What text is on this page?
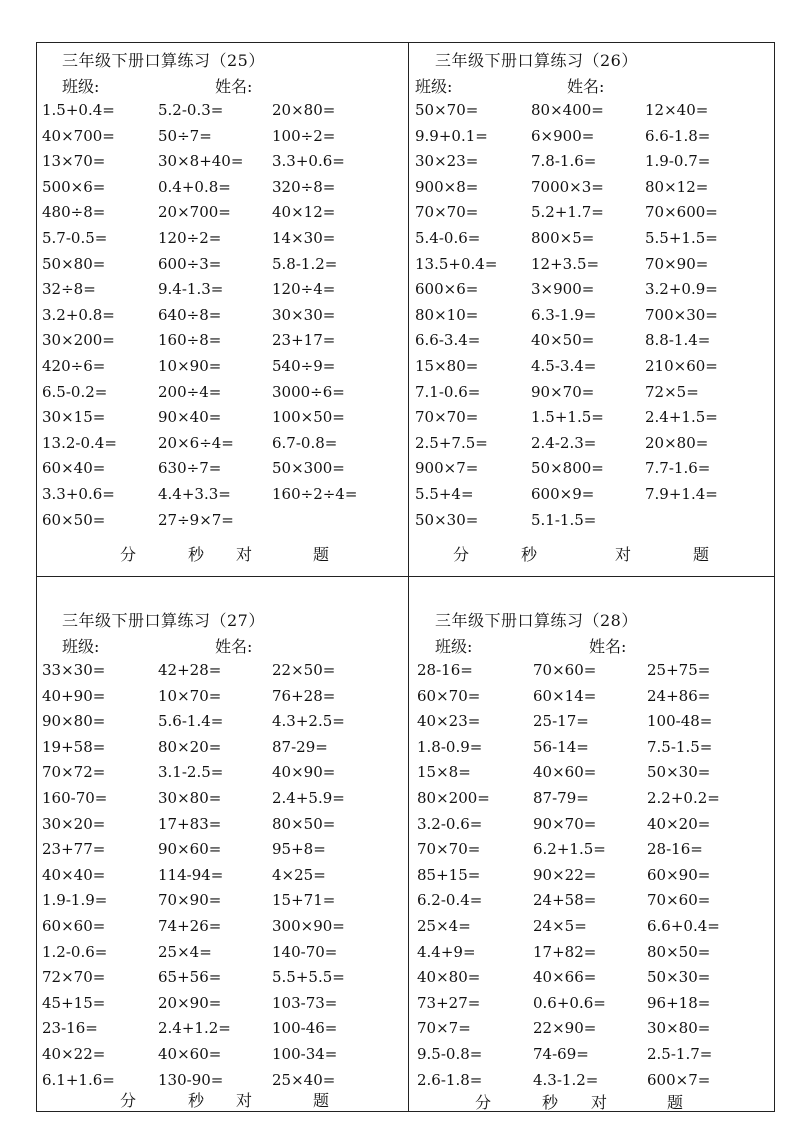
三年级下册口算练习（25）
班级:	姓名:
1.5+0.4=	5.2-0.3=	20×80=
40×700=	50÷7=	100÷2=
13×70=	30×8+40= 3.3+0.6=
500×6=	0.4+0.8=	320÷8=
480÷8=	20×700=	40×12=
5.7-0.5=	120÷2=	14×30=
50×80=	600÷3=	5.8-1.2=
32÷8=	9.4-1.3=	120÷4=
3.2+0.8=	640÷8=	30×30=
30×200=	160÷8=	23+17=
420÷6=	10×90=	540÷9=
6.5-0.2=	200÷4=	3000÷6=
30×15=	90×40=	100×50=
13.2-0.4=	20×6÷4=	6.7-0.8=
60×40=	630÷7=	50×300=
3.3+0.6=	4.4+3.3=	160÷2÷4=
60×50=	27÷9×7=
分	秒 对	题
三年级下册口算练习（26）
班级:	姓名:
50×70=	80×400=	12×40=
9.9+0.1=	6×900=	6.6-1.8=
30×23=	7.8-1.6=	1.9-0.7=
900×8=	7000×3=	80×12=
70×70=	5.2+1.7=	70×600=
5.4-0.6=	800×5=	5.5+1.5=
13.5+0.4= 12+3.5=	70×90=
600×6=	3×900=	3.2+0.9=
80×10=	6.3-1.9=	700×30=
6.6-3.4=	40×50=	8.8-1.4=
15×80=	4.5-3.4=	210×60=
7.1-0.6=	90×70=	72×5=
70×70=	1.5+1.5=	2.4+1.5=
2.5+7.5=	2.4-2.3=	20×80=
900×7=	50×800=	7.7-1.6=
5.5+4=	600×9=	7.9+1.4=
50×30=	5.1-1.5=
分	秒	对	题
三年级下册口算练习（27）
班级:	姓名:
33×30=	42+28=	22×50=
40+90=	10×70=	76+28=
90×80=	5.6-1.4=	4.3+2.5=
19+58=	80×20=	87-29=
70×72=	3.1-2.5=	40×90=
160-70=	30×80=	2.4+5.9=
30×20=	17+83=	80×50=
23+77=	90×60=	95+8=
40×40=	114-94=	4×25=
1.9-1.9=	70×90=	15+71=
60×60=	74+26=	300×90=
1.2-0.6=	25×4=	140-70=
72×70=	65+56=	5.5+5.5=
45+15=	20×90=	103-73=
23-16=	2.4+1.2=	100-46=
40×22=	40×60=	100-34=
6.1+1.6=	130-90=	25×40=
分	秒 对	题
三年级下册口算练习（28）
班级:	姓名:
28-16=	70×60=	25+75=
60×70=	60×14=	24+86=
40×23=	25-17=	100-48=
1.8-0.9=	56-14=	7.5-1.5=
15×8=	40×60=	50×30=
80×200=	87-79=	2.2+0.2=
3.2-0.6=	90×70=	40×20=
70×70=	6.2+1.5=	28-16=
85+15=	90×22=	60×90=
6.2-0.4=	24+58=	70×60=
25×4=	24×5=	6.6+0.4=
4.4+9=	17+82=	80×50=
40×80=	40×66=	50×30=
73+27=	0.6+0.6=	96+18=
70×7=	22×90=	30×80=
9.5-0.8=	74-69=	2.5-1.7=
2.6-1.8=	4.3-1.2=	600×7=
分	秒 对	题
